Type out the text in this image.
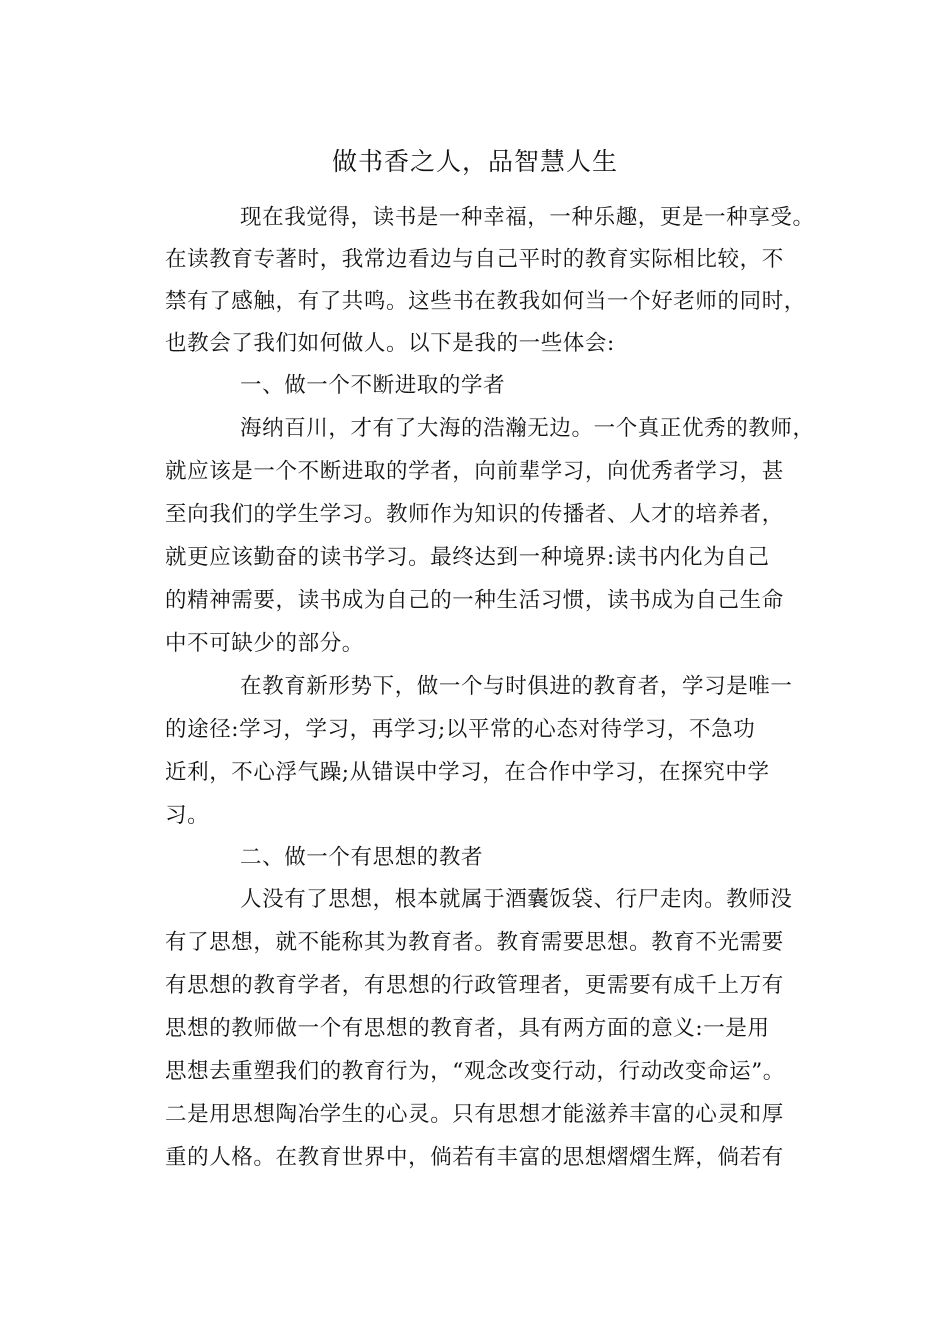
做书香之人，品智慧人生

现在我觉得，读书是一种幸福，一种乐趣，更是一种享受。

在读教育专著时，我常边看边与自己平时的教育实际相比较，不

禁有了感触，有了共鸣。这些书在教我如何当一个好老师的同时，

也教会了我们如何做人。以下是我的一些体会:

一、做一个不断进取的学者

海纳百川，才有了大海的浩瀚无边。一个真正优秀的教师，

就应该是一个不断进取的学者，向前辈学习，向优秀者学习，甚

至向我们的学生学习。教师作为知识的传播者、人才的培养者，

就更应该勤奋的读书学习。最终达到一种境界:读书内化为自己

的精神需要，读书成为自己的一种生活习惯，读书成为自己生命

中不可缺少的部分。

在教育新形势下，做一个与时俱进的教育者，学习是唯一

的途径:学习，学习，再学习;以平常的心态对待学习，不急功

近利，不心浮气躁;从错误中学习，在合作中学习，在探究中学

习。

二、做一个有思想的教者

人没有了思想，根本就属于酒囊饭袋、行尸走肉。教师没

有了思想，就不能称其为教育者。教育需要思想。教育不光需要

有思想的教育学者，有思想的行政管理者，更需要有成千上万有

思想的教师做一个有思想的教育者，具有两方面的意义:一是用

思想去重塑我们的教育行为，“观念改变行动，行动改变命运”。

二是用思想陶冶学生的心灵。只有思想才能滋养丰富的心灵和厚

重的人格。在教育世界中，倘若有丰富的思想熠熠生辉，倘若有
